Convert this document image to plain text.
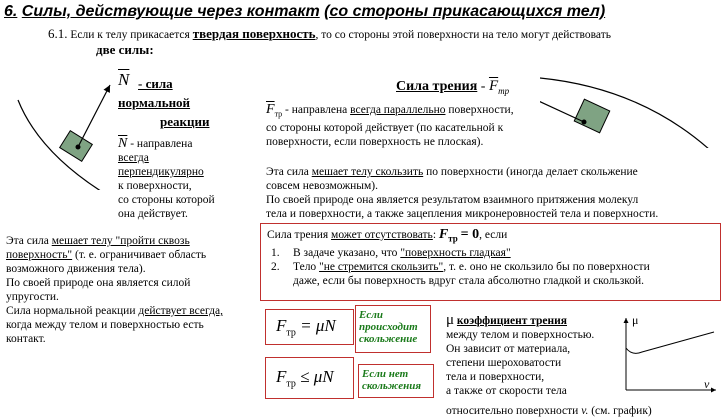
6. Силы, действующие через контакт (со стороны прикасающихся тел)
6.1. Если к телу прикасается твердая поверхность, то со стороны этой поверхности на тело могут действовать
две силы:
$\overline{N}$ - сила
нормальной
реакции
$\overline{N}$ - направлена
всегда
перпендикулярно
к поверхности,
со стороны которой
она действует.
Эта сила мешает телу "пройти сквозь
поверхность" (т. е. ограничивает область
возможного движения тела).
По своей природе она является силой
упругости.
Сила нормальной реакции действует всегда,
когда между телом и поверхностью есть
контакт.
Сила трения - $\overline{F}_{тр}$
$\overline{F}_{тр}$ - направлена всегда параллельно поверхности,
со стороны которой действует (по касательной к
поверхности, если поверхность не плоская).
Эта сила мешает телу скользить по поверхности (иногда делает скольжение
совсем невозможным).
По своей природе она является результатом взаимного притяжения молекул
тела и поверхности, а также зацепления микронеровностей тела и поверхности.
Сила трения может отсутствовать: $F_{тр} = 0$, если
1. В задаче указано, что "поверхность гладкая"
2. Тело "не стремится скользить", т. е. оно не скользило бы по поверхности
даже, если бы поверхность вдруг стала абсолютно гладкой и скользкой.
$F_{тр} = \mu N$
Если происходит скольжение
$F_{тр} \le \mu N$	Если нет скольжения
μ коэффициент трения
между телом и поверхностью.
Он зависит от материала,
степени шероховатости
тела и поверхности,
а также от скорости тела

относительно поверхности v. (см. график)
μ
v
